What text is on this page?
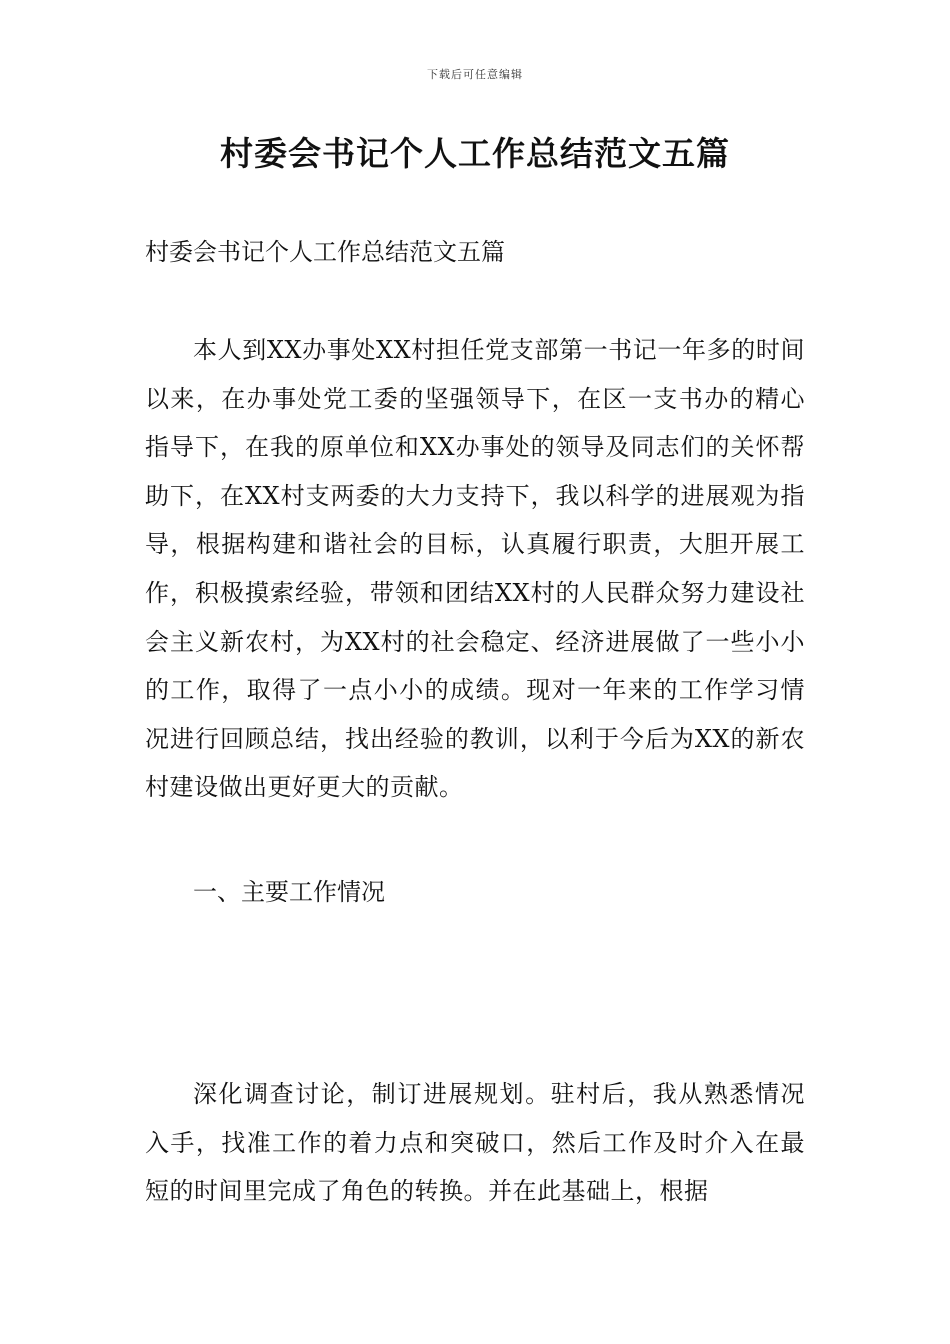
下载后可任意编辑
村委会书记个人工作总结范文五篇

村委会书记个人工作总结范文五篇

本人到XX办事处XX村担任党支部第一书记一年多的时间以来，在办事处党工委的坚强领导下，在区一支书办的精心指导下，在我的原单位和XX办事处的领导及同志们的关怀帮助下，在XX村支两委的大力支持下，我以科学的进展观为指导，根据构建和谐社会的目标，认真履行职责，大胆开展工作，积极摸索经验，带领和团结XX村的人民群众努力建设社会主义新农村，为XX村的社会稳定、经济进展做了一些小小的工作，取得了一点小小的成绩。现对一年来的工作学习情况进行回顾总结，找出经验的教训，以利于今后为XX的新农村建设做出更好更大的贡献。

一、主要工作情况

深化调查讨论，制订进展规划。驻村后，我从熟悉情况入手，找准工作的着力点和突破口，然后工作及时介入在最短的时间里完成了角色的转换。并在此基础上，根据
